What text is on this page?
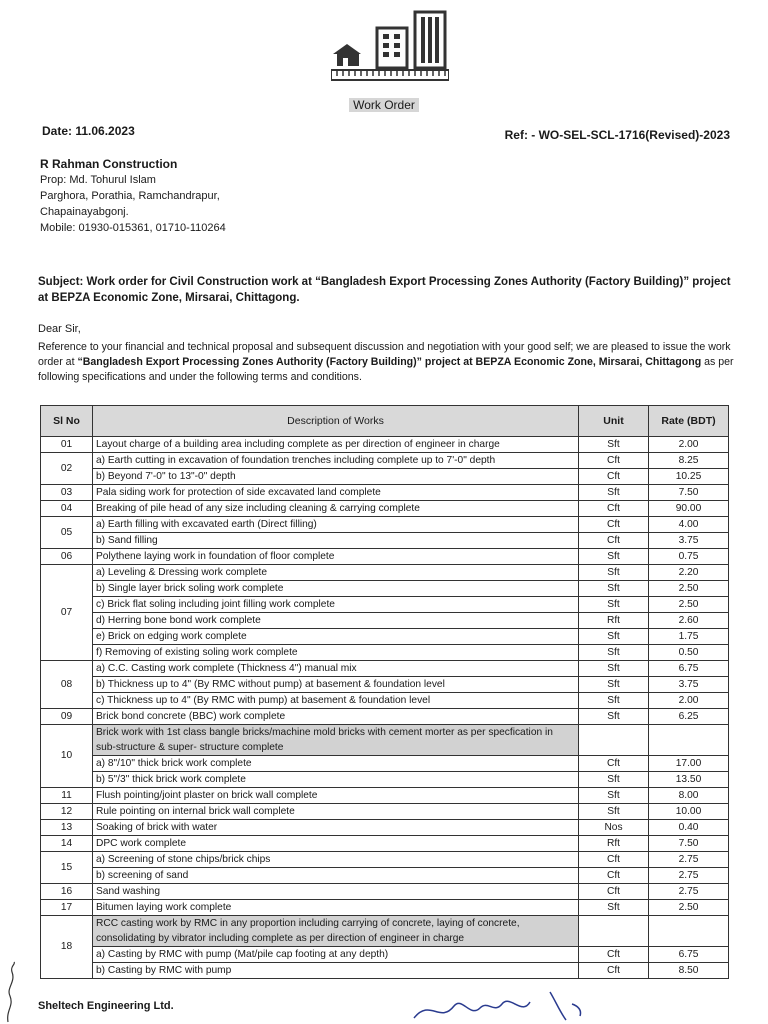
Work Order
Date: 11.06.2023	Ref: - WO-SEL-SCL-1716(Revised)-2023
R Rahman Construction
Prop: Md. Tohurul Islam
Parghora, Porathia, Ramchandrapur,
Chapainayabgonj.
Mobile: 01930-015361, 01710-110264
Subject: Work order for Civil Construction work at “Bangladesh Export Processing Zones Authority (Factory Building)” project at BEPZA Economic Zone, Mirsarai, Chittagong.
Dear Sir,
Reference to your financial and technical proposal and subsequent discussion and negotiation with your good self; we are pleased to issue the work order at “Bangladesh Export Processing Zones Authority (Factory Building)” project at BEPZA Economic Zone, Mirsarai, Chittagong as per following specifications and under the following terms and conditions.
Sl No	Description of Works	Unit	Rate (BDT)
01	Layout charge of a building area including complete as per direction of engineer in charge	Sft	2.00
02	a) Earth cutting in excavation of foundation trenches including complete up to 7'-0" depth	Cft	8.25
	b) Beyond 7'-0" to 13"-0" depth	Cft	10.25
03	Pala siding work for protection of side excavated land complete	Sft	7.50
04	Breaking of pile head of any size including cleaning & carrying complete	Cft	90.00
05	a) Earth filling with excavated earth (Direct filling)	Cft	4.00
	b) Sand filling	Cft	3.75
06	Polythene laying work in foundation of floor complete	Sft	0.75
07	a) Leveling & Dressing work complete	Sft	2.20
	b) Single layer brick soling work complete	Sft	2.50
	c) Brick flat soling including joint filling work complete	Sft	2.50
	d) Herring bone bond work complete	Rft	2.60
	e) Brick on edging work complete	Sft	1.75
	f) Removing of existing soling work complete	Sft	0.50
08	a) C.C. Casting work complete (Thickness 4") manual mix	Sft	6.75
	b) Thickness up to 4" (By RMC without pump) at basement & foundation level	Sft	3.75
	c) Thickness up to 4" (By RMC with pump) at basement & foundation level	Sft	2.00
09	Brick bond concrete (BBC) work complete	Sft	6.25
10	Brick work with 1st class bangle bricks/machine mold bricks with cement morter as per specfication in sub-structure & super- structure complete		
	a) 8"/10" thick brick work complete	Cft	17.00
	b) 5"/3" thick brick work complete	Sft	13.50
11	Flush pointing/joint plaster on brick wall complete	Sft	8.00
12	Rule pointing on internal brick wall complete	Sft	10.00
13	Soaking of brick with water	Nos	0.40
14	DPC work complete	Rft	7.50
15	a) Screening of stone chips/brick chips	Cft	2.75
	b) screening of sand	Cft	2.75
16	Sand washing	Cft	2.75
17	Bitumen laying work complete	Sft	2.50
18	RCC casting work by RMC in any proportion including carrying of concrete, laying of concrete, consolidating by vibrator including complete as per direction of engineer in charge		
	a) Casting by RMC with pump (Mat/pile cap footing at any depth)	Cft	6.75
	b) Casting by RMC with pump	Cft	8.50
Sheltech Engineering Ltd.
